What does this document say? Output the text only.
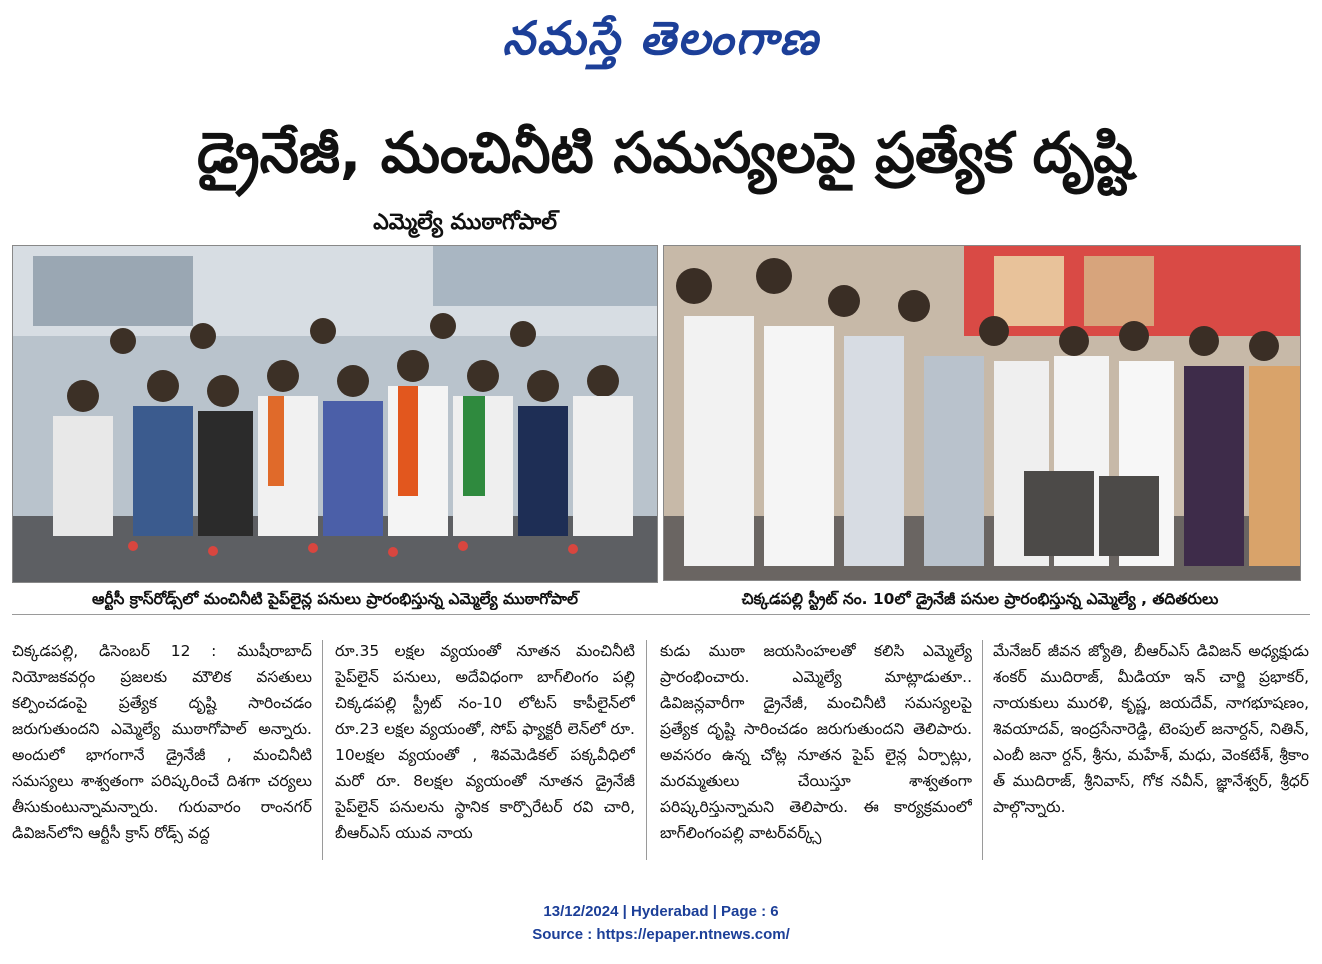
నమస్తే తెలంగాణ
డ్రైనేజీ, మంచినీటి సమస్యలపై ప్రత్యేక దృష్టి
ఎమ్మెల్యే ముఠాగోపాల్
ఆర్టీసీ క్రాస్‌రోడ్స్‌లో మంచినీటి పైప్‌లైన్ల పనులు ప్రారంభిస్తున్న ఎమ్మెల్యే ముఠాగోపాల్	చిక్కడపల్లి స్ట్రీట్ నం. 10లో డ్రైనేజీ పనుల ప్రారంభిస్తున్న ఎమ్మెల్యే , తదితరులు
చిక్కడపల్లి, డిసెంబర్ 12 : ముషీరాబాద్ నియోజకవర్గం ప్రజలకు మౌలిక వసతులు కల్పించడంపై ప్రత్యేక దృష్టి సారించడం జరుగుతుందని ఎమ్మెల్యే ముఠాగోపాల్ అన్నారు. అందులో భాగంగానే డ్రైనేజీ , మంచినీటి సమస్యలు శాశ్వతంగా పరిష్కరించే దిశగా చర్యలు తీసుకుంటున్నామన్నారు. గురువారం రాంనగర్ డివిజన్‌లోని ఆర్టీసీ క్రాస్ రోడ్స్ వద్ద
రూ.35 లక్షల వ్యయంతో నూతన మంచినీటి పైప్‌లైన్ పనులు, అదేవిధంగా బాగ్‌లింగం పల్లి చిక్కడపల్లి స్ట్రీట్ నం-10 లోటస్ కాపీలైన్‌లో రూ.23 లక్షల వ్యయంతో, సోప్ ఫ్యాక్టరీ లెన్‌లో రూ. 10లక్షల వ్యయంతో , శివమెడికల్ పక్కవీధిలో మరో రూ. 8లక్షల వ్యయంతో నూతన డ్రైనేజీ పైప్‌లైన్ పనులను స్థానిక కార్పొరేటర్ రవి చారి, బీఆర్ఎస్ యువ నాయ
కుడు ముఠా జయసింహలతో కలిసి ఎమ్మెల్యే ప్రారంభించారు. ఎమ్మెల్యే మాట్లాడుతూ.. డివిజన్లవారీగా డ్రైనేజీ, మంచినీటి సమస్యలపై ప్రత్యేక దృష్టి సారించడం జరుగుతుందని తెలిపారు. అవసరం ఉన్న చోట్ల నూతన పైప్ లైన్ల ఏర్పాట్లు, మరమ్మతులు చేయిస్తూ శాశ్వతంగా పరిష్కరిస్తున్నామని తెలిపారు. ఈ కార్యక్రమంలో బాగ్‌లింగంపల్లి వాటర్‌వర్క్స్
మేనేజర్ జీవన జ్యోతి, బీఆర్ఎస్ డివిజన్ అధ్యక్షుడు శంకర్ ముదిరాజ్, మీడియా ఇన్ చార్జి ప్రభాకర్, నాయకులు మురళి, కృష్ణ, జయదేవ్, నాగభూషణం, శివయాదవ్, ఇంద్రసేనారెడ్డి, టెంపుల్ జనార్దన్, నితిన్, ఎంబీ జనా ర్దన్, శ్రీను, మహేశ్, మధు, వెంకటేశ్, శ్రీకాం త్ ముదిరాజ్, శ్రీనివాస్, గోక నవీన్, జ్ఞానేశ్వర్, శ్రీధర్ పాల్గొన్నారు.
13/12/2024 | Hyderabad | Page : 6
Source : https://epaper.ntnews.com/
